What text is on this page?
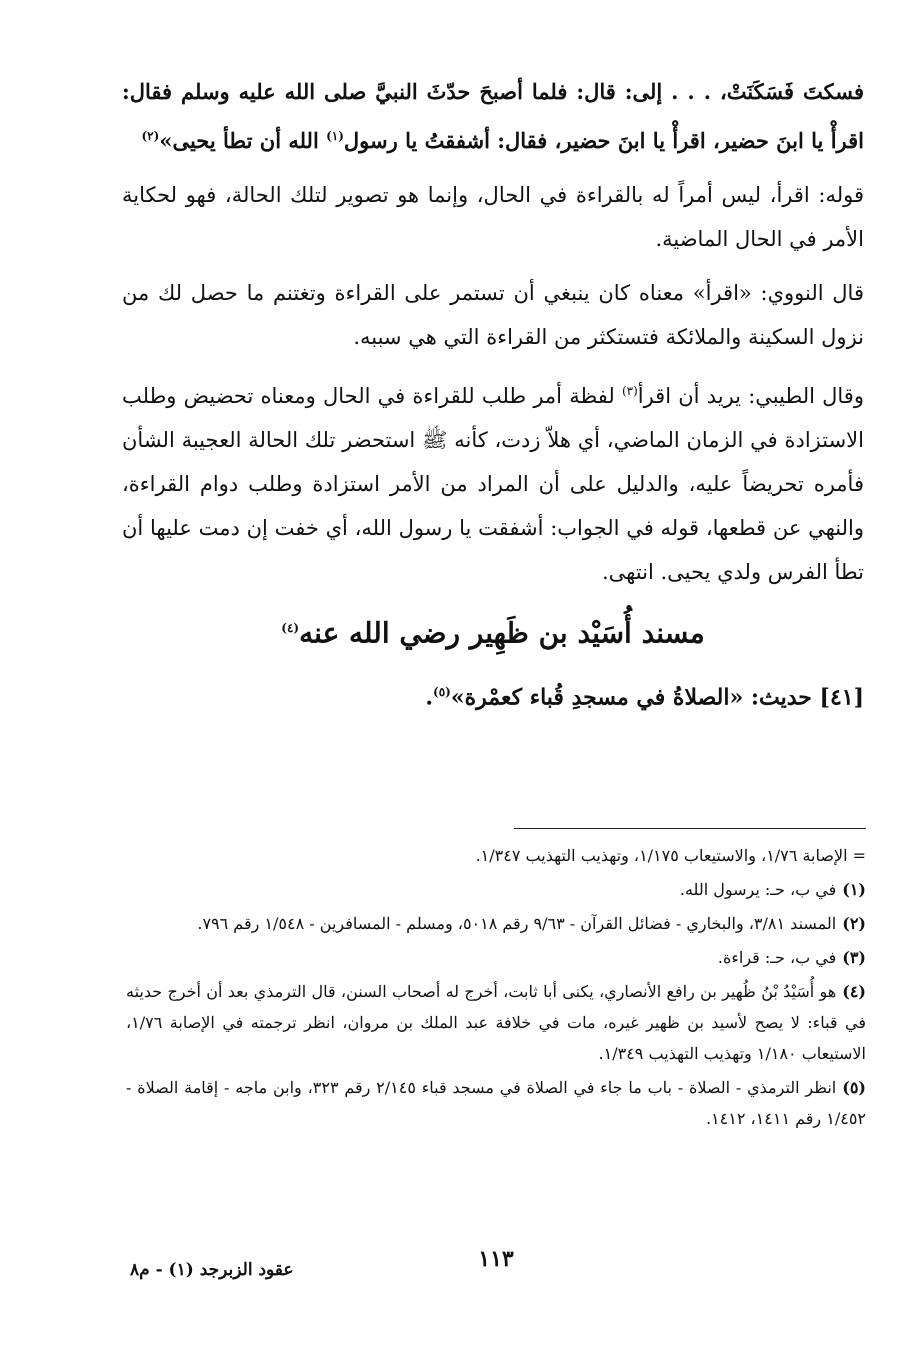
فسكتَ فَسَكَنَتْ، . . . إلى: قال: فلما أصبحَ حدّثَ النبيَّ صلى الله عليه وسلم فقال: اقرأْ يا ابنَ حضير، اقرأْ يا ابنَ حضير، فقال: أشفقتُ يا رسول$^{(١)}$ الله أن تطأ يحيى»$^{(٢)}$

قوله: اقرأ، ليس أمراً له بالقراءة في الحال، وإنما هو تصوير لتلك الحالة، فهو لحكاية الأمر في الحال الماضية.

قال النووي: «اقرأ» معناه كان ينبغي أن تستمر على القراءة وتغتنم ما حصل لك من نزول السكينة والملائكة فتستكثر من القراءة التي هي سببه.

وقال الطيبي: يريد أن اقرأ$^{(٣)}$ لفظة أمر طلب للقراءة في الحال ومعناه تحضيض وطلب الاستزادة في الزمان الماضي، أي هلاّ زدت، كأنه ﷺ استحضر تلك الحالة العجيبة الشأن فأمره تحريضاً عليه، والدليل على أن المراد من الأمر استزادة وطلب دوام القراءة، والنهي عن قطعها، قوله في الجواب: أشفقت يا رسول الله، أي خفت إن دمت عليها أن تطأ الفرس ولدي يحيى. انتهى.

مسند أُسَيْد بن ظَهِير رضي الله عنه$^{(٤)}$
[٤١] حديث: «الصلاةُ في مسجدِ قُباء كعمْرة»$^{(٥)}$.

= الإصابة ١/٧٦، والاستيعاب ١/١٧٥، وتهذيب التهذيب ١/٣٤٧.

(١)في ب، حـ: يرسول الله.

(٢)المسند ٣/٨١، والبخاري - فضائل القرآن - ٩/٦٣ رقم ٥٠١٨، ومسلم - المسافرين - ١/٥٤٨ رقم ٧٩٦.

(٣)في ب، حـ: قراءة.

(٤)هو أُسَيْدُ بْنُ ظُهير بن رافع الأنصاري، يكنى أبا ثابت، أخرج له أصحاب السنن، قال الترمذي بعد أن أخرج حديثه في قباء: لا يصح لأسيد بن ظهير غيره، مات في خلافة عبد الملك بن مروان، انظر ترجمته في الإصابة ١/٧٦، الاستيعاب ١/١٨٠ وتهذيب التهذيب ١/٣٤٩.

(٥)انظر الترمذي - الصلاة - باب ما جاء في الصلاة في مسجد قباء ٢/١٤٥ رقم ٣٢٣، وابن ماجه - إقامة الصلاة - ١/٤٥٢ رقم ١٤١١، ١٤١٢.

١١٣
عقود الزبرجد (١) - م٨
